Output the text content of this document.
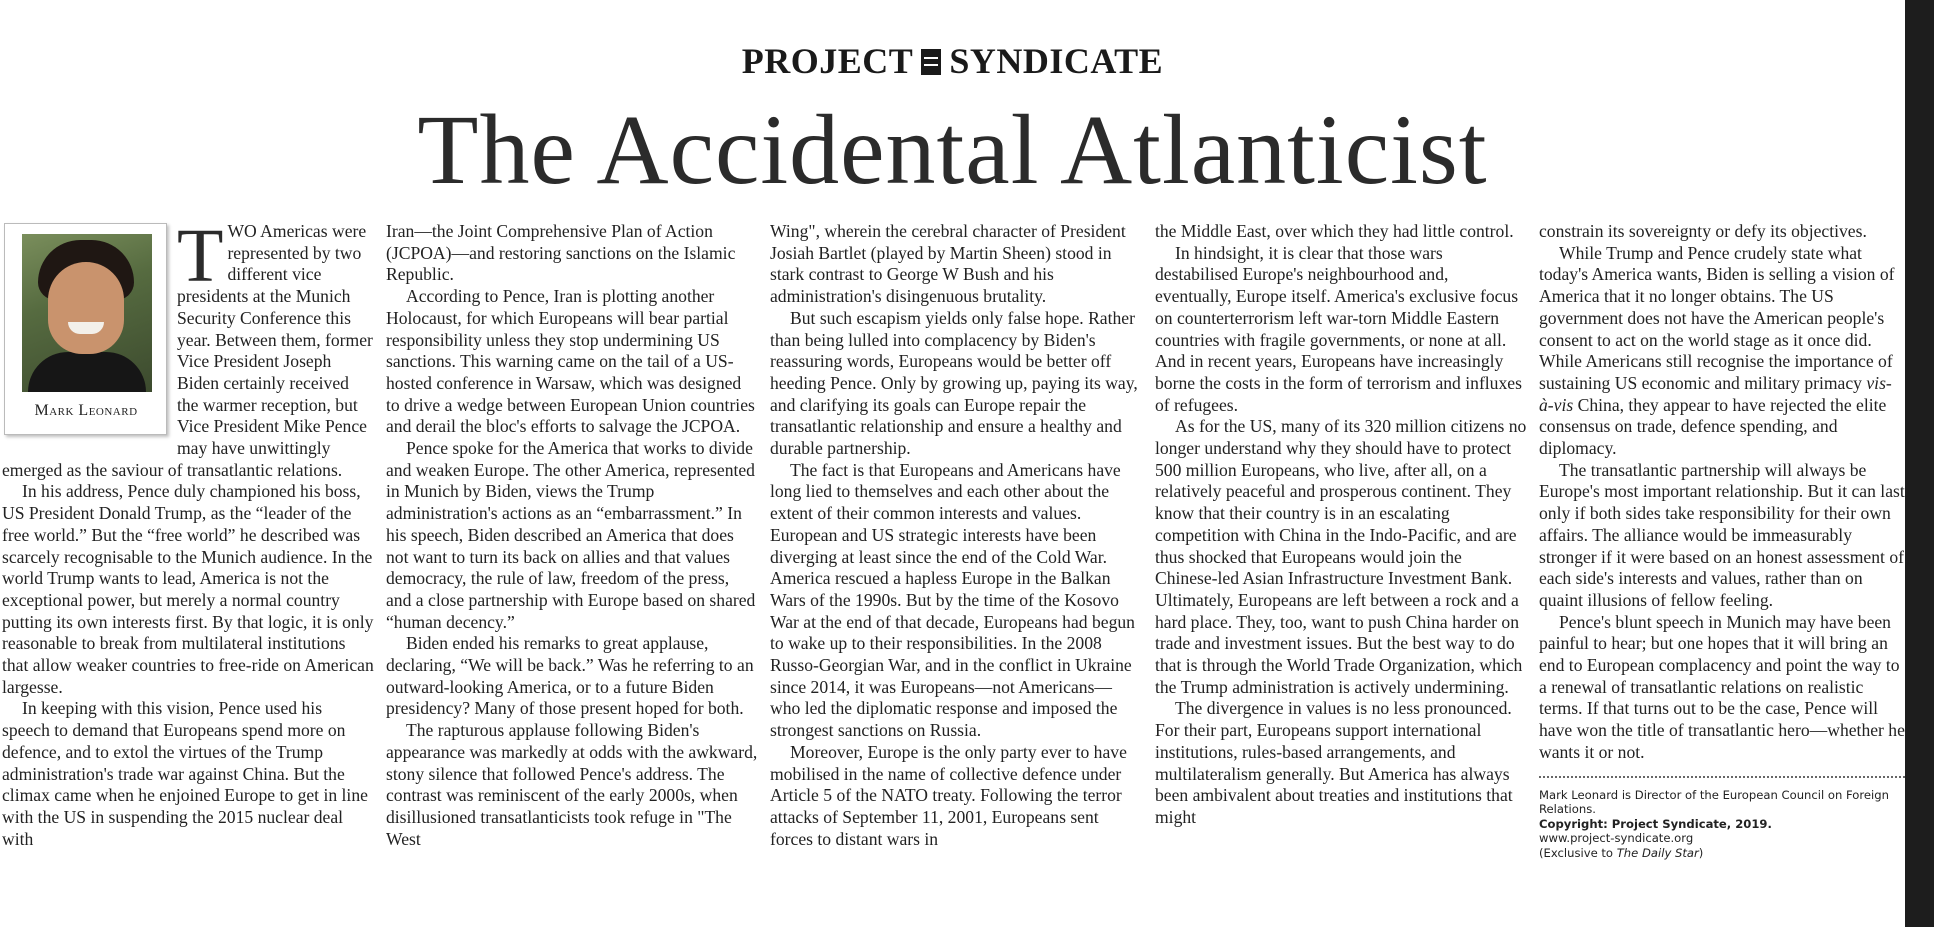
PROJECT SYNDICATE
The Accidental Atlanticist
Mark Leonard

TWO Americas were represented by two different vice presidents at the Munich Security Conference this year. Between them, former Vice President Joseph Biden certainly received the warmer reception, but Vice President Mike Pence may have unwittingly emerged as the saviour of transatlantic relations.

In his address, Pence duly championed his boss, US President Donald Trump, as the “leader of the free world.” But the “free world” he described was scarcely recognisable to the Munich audience. In the world Trump wants to lead, America is not the exceptional power, but merely a normal country putting its own interests first. By that logic, it is only reasonable to break from multilateral institutions that allow weaker countries to free-ride on American largesse.

In keeping with this vision, Pence used his speech to demand that Europeans spend more on defence, and to extol the virtues of the Trump administration's trade war against China. But the climax came when he enjoined Europe to get in line with the US in suspending the 2015 nuclear deal with

Iran—the Joint Comprehensive Plan of Action (JCPOA)—and restoring sanctions on the Islamic Republic.

According to Pence, Iran is plotting another Holocaust, for which Europeans will bear partial responsibility unless they stop undermining US sanctions. This warning came on the tail of a US-hosted conference in Warsaw, which was designed to drive a wedge between European Union countries and derail the bloc's efforts to salvage the JCPOA.

Pence spoke for the America that works to divide and weaken Europe. The other America, represented in Munich by Biden, views the Trump administration's actions as an “embarrassment.” In his speech, Biden described an America that does not want to turn its back on allies and that values democracy, the rule of law, freedom of the press, and a close partnership with Europe based on shared “human decency.”

Biden ended his remarks to great applause, declaring, “We will be back.” Was he referring to an outward-looking America, or to a future Biden presidency? Many of those present hoped for both.

The rapturous applause following Biden's appearance was markedly at odds with the awkward, stony silence that followed Pence's address. The contrast was reminiscent of the early 2000s, when disillusioned transatlanticists took refuge in "The West

Wing", wherein the cerebral character of President Josiah Bartlet (played by Martin Sheen) stood in stark contrast to George W Bush and his administration's disingenuous brutality.

But such escapism yields only false hope. Rather than being lulled into complacency by Biden's reassuring words, Europeans would be better off heeding Pence. Only by growing up, paying its way, and clarifying its goals can Europe repair the transatlantic relationship and ensure a healthy and durable partnership.

The fact is that Europeans and Americans have long lied to themselves and each other about the extent of their common interests and values. European and US strategic interests have been diverging at least since the end of the Cold War. America rescued a hapless Europe in the Balkan Wars of the 1990s. But by the time of the Kosovo War at the end of that decade, Europeans had begun to wake up to their responsibilities. In the 2008 Russo-Georgian War, and in the conflict in Ukraine since 2014, it was Europeans—not Americans—who led the diplomatic response and imposed the strongest sanctions on Russia.

Moreover, Europe is the only party ever to have mobilised in the name of collective defence under Article 5 of the NATO treaty. Following the terror attacks of September 11, 2001, Europeans sent forces to distant wars in

the Middle East, over which they had little control.

In hindsight, it is clear that those wars destabilised Europe's neighbourhood and, eventually, Europe itself. America's exclusive focus on counterterrorism left war-torn Middle Eastern countries with fragile governments, or none at all. And in recent years, Europeans have increasingly borne the costs in the form of terrorism and influxes of refugees.

As for the US, many of its 320 million citizens no longer understand why they should have to protect 500 million Europeans, who live, after all, on a relatively peaceful and prosperous continent. They know that their country is in an escalating competition with China in the Indo-Pacific, and are thus shocked that Europeans would join the Chinese-led Asian Infrastructure Investment Bank. Ultimately, Europeans are left between a rock and a hard place. They, too, want to push China harder on trade and investment issues. But the best way to do that is through the World Trade Organization, which the Trump administration is actively undermining.

The divergence in values is no less pronounced. For their part, Europeans support international institutions, rules-based arrangements, and multilateralism generally. But America has always been ambivalent about treaties and institutions that might

constrain its sovereignty or defy its objectives.

While Trump and Pence crudely state what today's America wants, Biden is selling a vision of America that it no longer obtains. The US government does not have the American people's consent to act on the world stage as it once did. While Americans still recognise the importance of sustaining US economic and military primacy vis-à-vis China, they appear to have rejected the elite consensus on trade, defence spending, and diplomacy.

The transatlantic partnership will always be Europe's most important relationship. But it can last only if both sides take responsibility for their own affairs. The alliance would be immeasurably stronger if it were based on an honest assessment of each side's interests and values, rather than on quaint illusions of fellow feeling.

Pence's blunt speech in Munich may have been painful to hear; but one hopes that it will bring an end to European complacency and point the way to a renewal of transatlantic relations on realistic terms. If that turns out to be the case, Pence will have won the title of transatlantic hero—whether he wants it or not.

Mark Leonard is Director of the European Council on Foreign Relations.
Copyright: Project Syndicate, 2019.
www.project-syndicate.org
(Exclusive to The Daily Star)
